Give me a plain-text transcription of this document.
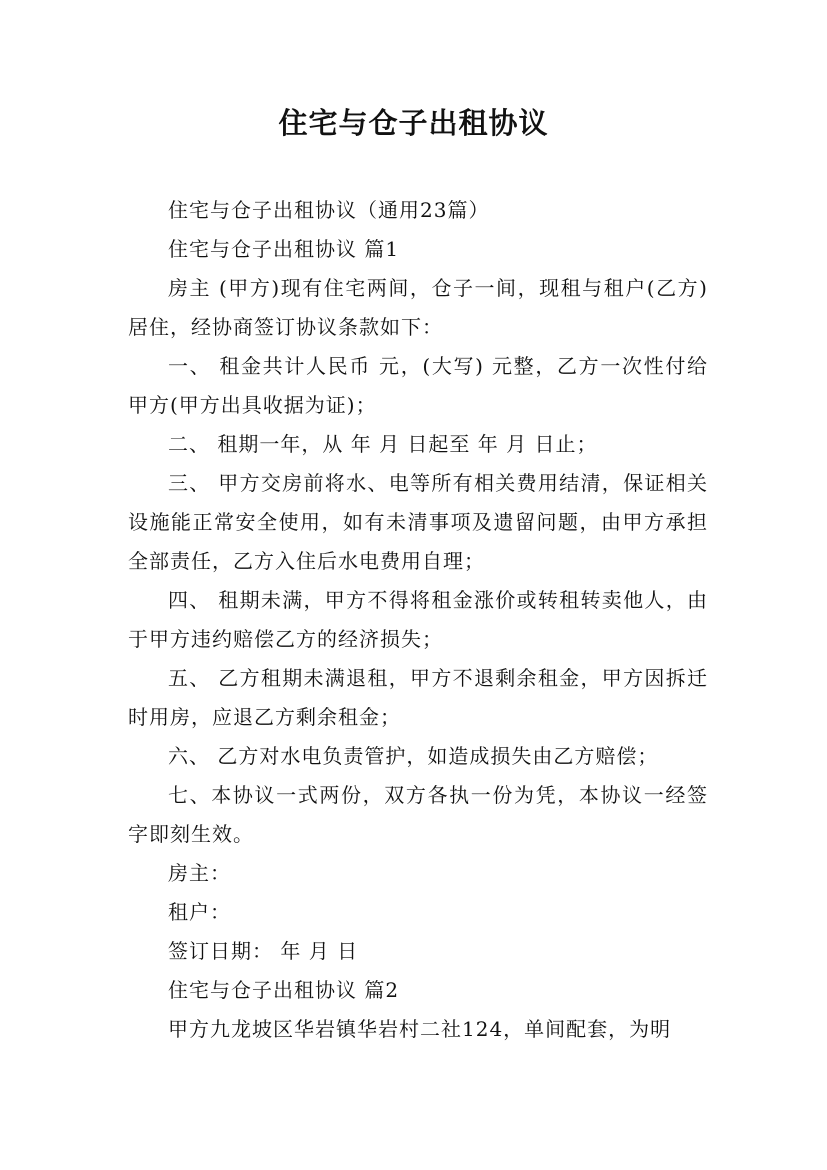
住宅与仓子出租协议

住宅与仓子出租协议（通用23篇）

住宅与仓子出租协议 篇1

房主 (甲方)现有住宅两间，仓子一间，现租与租户(乙方)居住，经协商签订协议条款如下：

一、 租金共计人民币 元，(大写) 元整，乙方一次性付给甲方(甲方出具收据为证)；

二、 租期一年，从 年 月 日起至 年 月 日止；

三、 甲方交房前将水、电等所有相关费用结清，保证相关设施能正常安全使用，如有未清事项及遗留问题，由甲方承担全部责任，乙方入住后水电费用自理；

四、 租期未满，甲方不得将租金涨价或转租转卖他人，由于甲方违约赔偿乙方的经济损失；

五、 乙方租期未满退租，甲方不退剩余租金，甲方因拆迁时用房，应退乙方剩余租金；

六、 乙方对水电负责管护，如造成损失由乙方赔偿；

七、本协议一式两份，双方各执一份为凭，本协议一经签字即刻生效。

房主：

租户：

签订日期： 年 月 日

住宅与仓子出租协议 篇2

甲方九龙坡区华岩镇华岩村二社124，单间配套，为明
